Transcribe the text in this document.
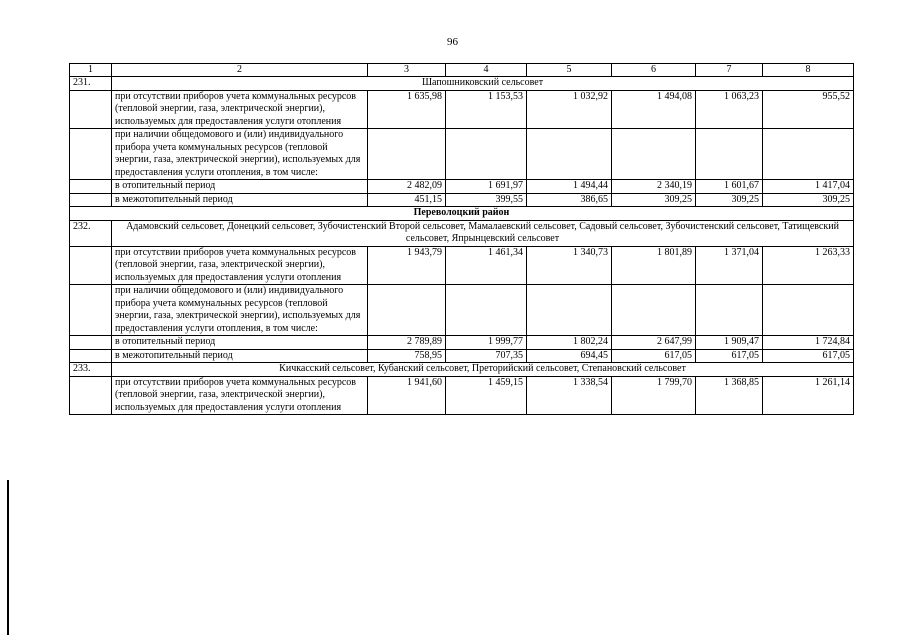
96
1	2	3	4	5	6	7	8
231.	Шапошниковский сельсовет						
	при отсутствии приборов учета коммунальных ресурсов (тепловой энергии, газа, электрической энергии), используемых для предоставления услуги отопления	1 635,98	1 153,53	1 032,92	1 494,08	1 063,23	955,52
	при наличии общедомового и (или) индивидуального прибора учета коммунальных ресурсов (тепловой энергии, газа, электрической энергии), используемых для предоставления услуги отопления, в том числе:						
	в отопительный период	2 482,09	1 691,97	1 494,44	2 340,19	1 601,67	1 417,04
	в межотопительный период	451,15	399,55	386,65	309,25	309,25	309,25
Переволоцкий район							
232.	Адамовский сельсовет, Донецкий сельсовет, Зубочистенский Второй сельсовет, Мамалаевский сельсовет, Садовый сельсовет, Зубочистенский сельсовет, Татищевский сельсовет, Япрынцевский сельсовет						
	при отсутствии приборов учета коммунальных ресурсов (тепловой энергии, газа, электрической энергии), используемых для предоставления услуги отопления	1 943,79	1 461,34	1 340,73	1 801,89	1 371,04	1 263,33
	при наличии общедомового и (или) индивидуального прибора учета коммунальных ресурсов (тепловой энергии, газа, электрической энергии), используемых для предоставления услуги отопления, в том числе:						
	в отопительный период	2 789,89	1 999,77	1 802,24	2 647,99	1 909,47	1 724,84
	в межотопительный период	758,95	707,35	694,45	617,05	617,05	617,05
233.	Кичкасский сельсовет, Кубанский сельсовет, Преторийский сельсовет, Степановский сельсовет						
	при отсутствии приборов учета коммунальных ресурсов (тепловой энергии, газа, электрической энергии), используемых для предоставления услуги отопления	1 941,60	1 459,15	1 338,54	1 799,70	1 368,85	1 261,14
